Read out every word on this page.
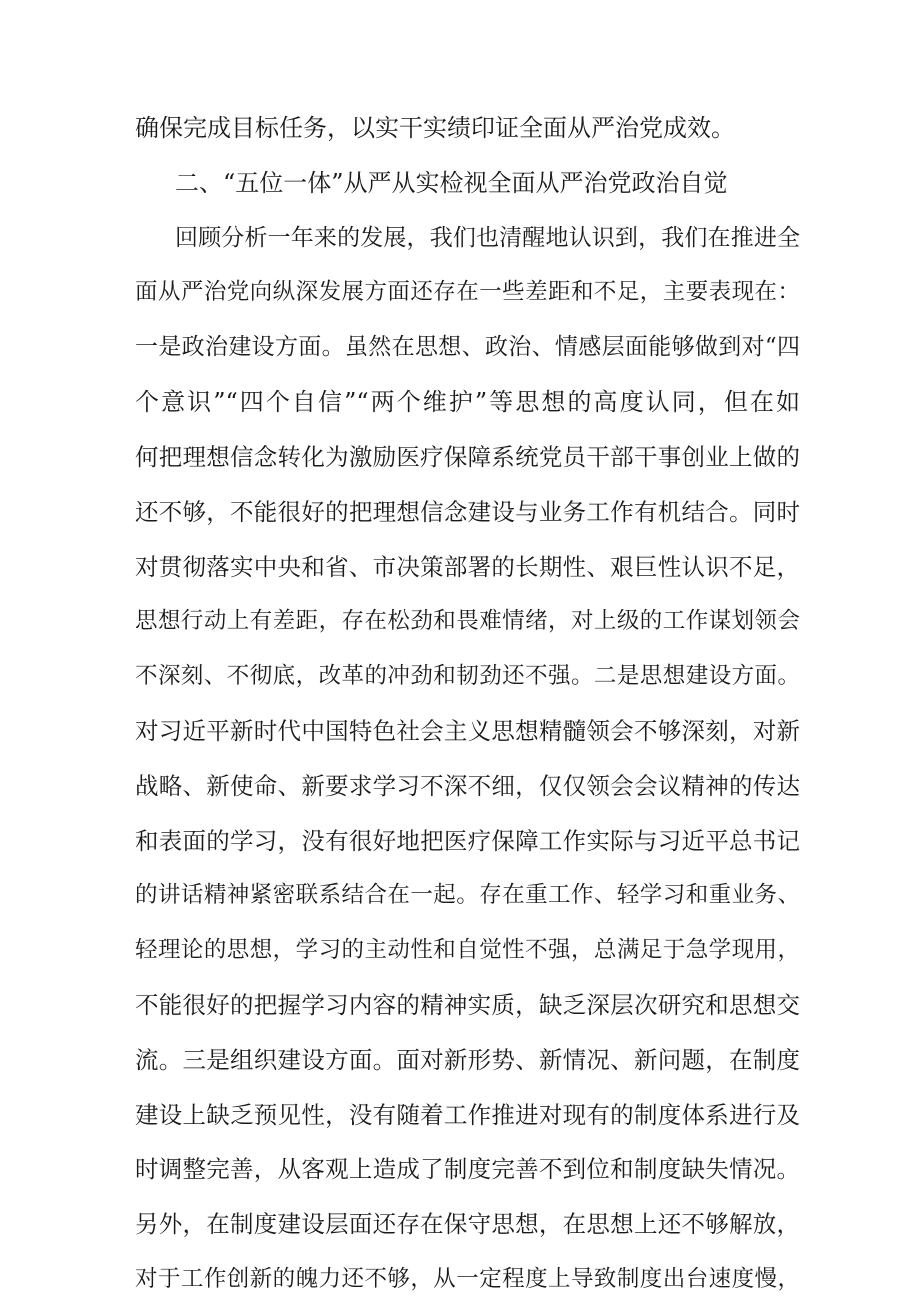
确保完成目标任务，以实干实绩印证全面从严治党成效。
二、“五位一体”从严从实检视全面从严治党政治自觉
回顾分析一年来的发展，我们也清醒地认识到，我们在推进全
面从严治党向纵深发展方面还存在一些差距和不足，主要表现在：
一是政治建设方面。虽然在思想、政治、情感层面能够做到对“四
个意识”“四个自信”“两个维护”等思想的高度认同，但在如
何把理想信念转化为激励医疗保障系统党员干部干事创业上做的
还不够，不能很好的把理想信念建设与业务工作有机结合。同时
对贯彻落实中央和省、市决策部署的长期性、艰巨性认识不足，
思想行动上有差距，存在松劲和畏难情绪，对上级的工作谋划领会
不深刻、不彻底，改革的冲劲和韧劲还不强。二是思想建设方面。
对习近平新时代中国特色社会主义思想精髓领会不够深刻，对新
战略、新使命、新要求学习不深不细，仅仅领会会议精神的传达
和表面的学习，没有很好地把医疗保障工作实际与习近平总书记
的讲话精神紧密联系结合在一起。存在重工作、轻学习和重业务、
轻理论的思想，学习的主动性和自觉性不强，总满足于急学现用，
不能很好的把握学习内容的精神实质，缺乏深层次研究和思想交
流。三是组织建设方面。面对新形势、新情况、新问题，在制度
建设上缺乏预见性，没有随着工作推进对现有的制度体系进行及
时调整完善，从客观上造成了制度完善不到位和制度缺失情况。
另外，在制度建设层面还存在保守思想，在思想上还不够解放，
对于工作创新的魄力还不够，从一定程度上导致制度出台速度慢，
